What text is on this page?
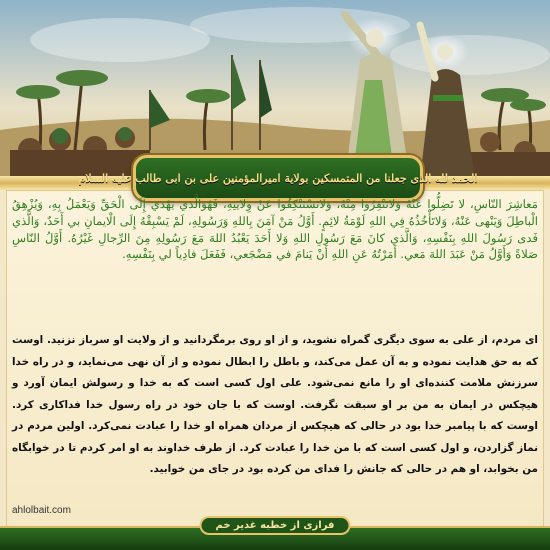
الحمد لله الذی جعلنا من المتمسکین بولایة امیرالمؤمنین علی بن ابی طالب علیه السلام
مَعاشِرَ النّاسِ، لا تَضِلُّوا عَنْهُ وَلاتَنْفِرُوا مِنْهُ، وَلاتَسْتَنْكِفُوا عَنْ وِلايَتِهِ، فَهُوَالَّذي يَهْدي إِلَى الْحَقِّ وَيَعْمَلُ بِهِ، وَيُزْهِقُ الْباطِلَ وَيَنْهى عَنْهُ، وَلاتَأْخُذُهُ فِي اللهِ لَوْمَةُ لائِمٍ. أَوَّلُ مَنْ آمَنَ بِاللهِ وَرَسُولِهِ، لَمْ يَسْبِقْهُ إِلَى الْايمانِ بي أَحَدٌ، وَالَّذي فَدى رَسُولَ اللهِ بِنَفْسِهِ، وَالَّذي كانَ مَعَ رَسُولِ اللهِ وَلا أَحَدَ يَعْبُدُ اللهَ مَعَ رَسُولِهِ مِنَ الرِّجالِ غَيْرُهُ. أَوَّلُ النّاسِ صَلاةً وَأَوَّلُ مَنْ عَبَدَ اللهَ مَعي. أَمَرْتُهُ عَنِ اللهِ أَنْ يَنامَ في مَضْجَعي، فَفَعَلَ فادِياً لي بِنَفْسِهِ.
ای مردم، از علی به سوی دیگری گمراه نشوید، و از او روی برمگردانید و از ولایت او سرباز نزنید. اوست که به حق هدایت نموده و به آن عمل می‌کند، و باطل را ابطال نموده و از آن نهی می‌نماید، و در راه خدا سرزنش ملامت کننده‌ای او را مانع نمی‌شود. علی اول کسی است که به خدا و رسولش ایمان آورد و هیچکس در ایمان به من بر او سبقت نگرفت. اوست که با جان خود در راه رسول خدا فداکاری کرد. اوست که با پیامبر خدا بود در حالی که هیچکس از مردان همراه او خدا را عبادت نمی‌کرد. اولین مردم در نماز گزاردن، و اول کسی است که با من خدا را عبادت کرد. از طرف خداوند به او امر کردم تا در خوابگاه من بخوابد، او هم در حالی که جانش را فدای من کرده بود در جای من خوابید.
ahlolbait.com
فرازی از خطبه غدیر خم
